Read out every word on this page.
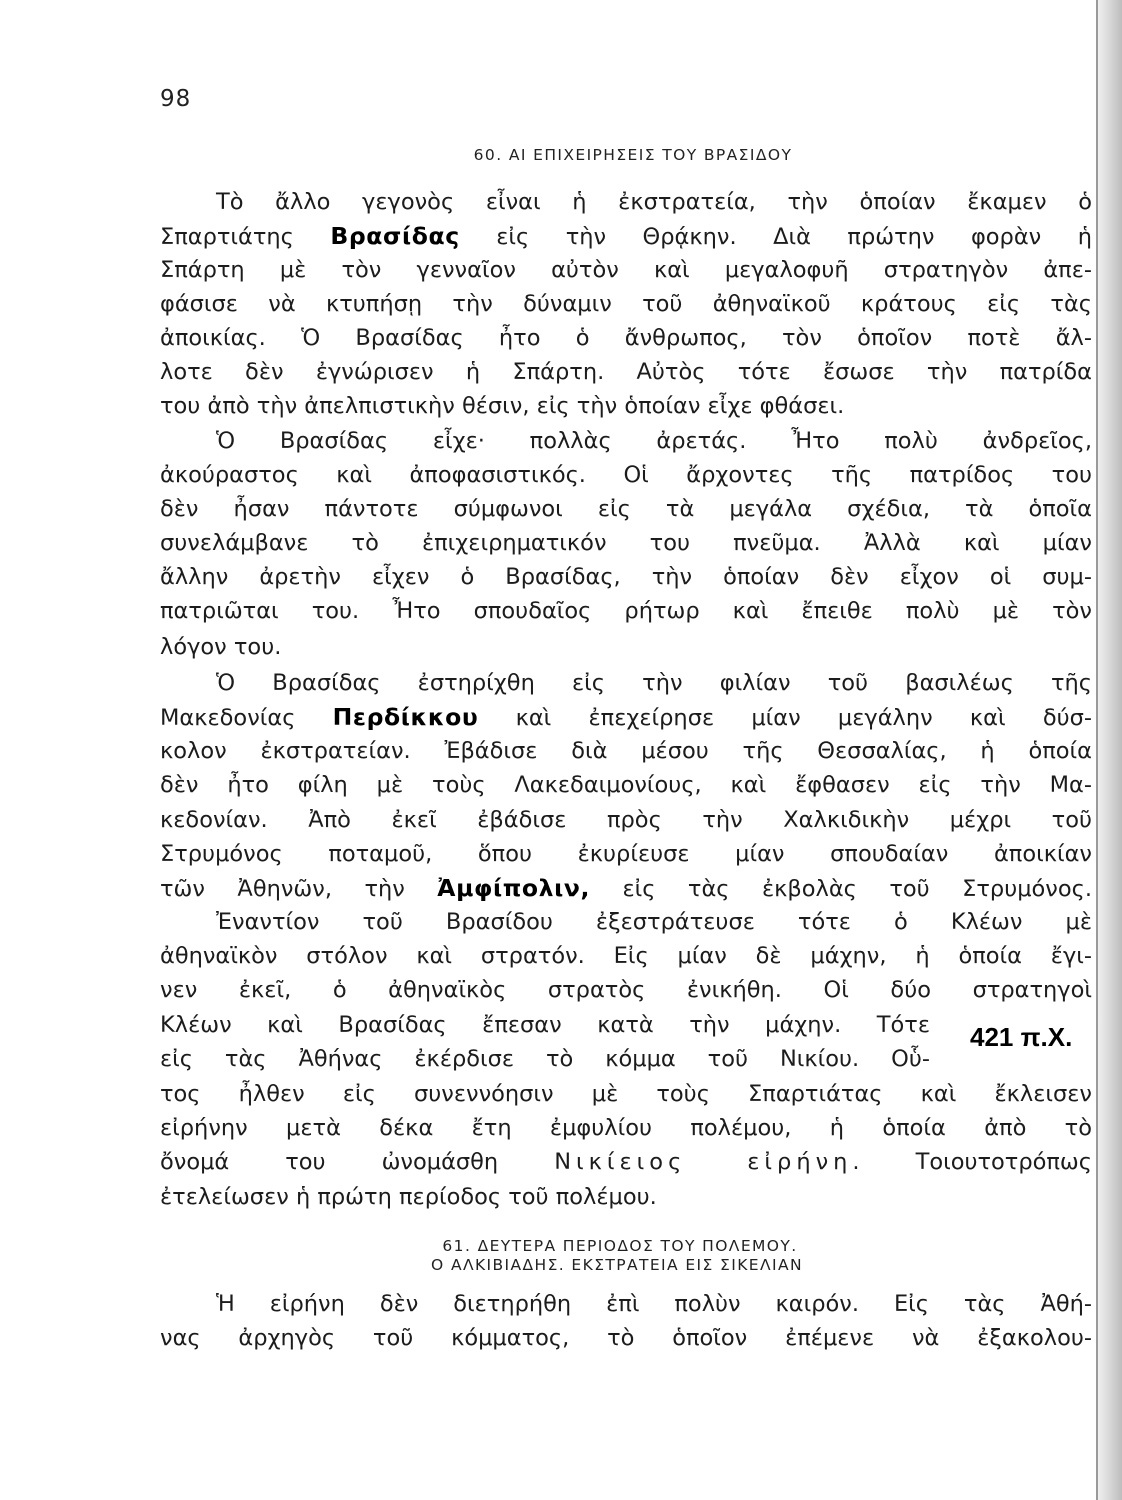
98
60. ΑΙ ΕΠΙΧΕΙΡΗΣΕΙΣ ΤΟΥ ΒΡΑΣΙΔΟΥ
Τὸ ἄλλο γεγονὸς εἶναι ἡ ἐκστρατεία, τὴν ὁποίαν ἔκαμεν ὁ
Σπαρτιάτης Βρασίδας εἰς τὴν Θρᾴκην. Διὰ πρώτην φορὰν ἡ
Σπάρτη μὲ τὸν γενναῖον αὐτὸν καὶ μεγαλοφυῆ στρατηγὸν ἀπε-
φάσισε νὰ κτυπήσῃ τὴν δύναμιν τοῦ ἀθηναϊκοῦ κράτους εἰς τὰς
ἀποικίας. Ὁ Βρασίδας ἦτο ὁ ἄνθρωπος, τὸν ὁποῖον ποτὲ ἄλ-
λοτε δὲν ἐγνώρισεν ἡ Σπάρτη. Αὐτὸς τότε ἔσωσε τὴν πατρίδα
του ἀπὸ τὴν ἀπελπιστικὴν θέσιν, εἰς τὴν ὁποίαν εἶχε φθάσει.
Ὁ Βρασίδας εἶχε· πολλὰς ἀρετάς. Ἦτο πολὺ ἀνδρεῖος,
ἀκούραστος καὶ ἀποφασιστικός. Οἱ ἄρχοντες τῆς πατρίδος του
δὲν ἦσαν πάντοτε σύμφωνοι εἰς τὰ μεγάλα σχέδια, τὰ ὁποῖα
συνελάμβανε τὸ ἐπιχειρηματικόν του πνεῦμα. Ἀλλὰ καὶ μίαν
ἄλλην ἀρετὴν εἶχεν ὁ Βρασίδας, τὴν ὁποίαν δὲν εἶχον οἱ συμ-
πατριῶται του. Ἦτο σπουδαῖος ρήτωρ καὶ ἔπειθε πολὺ μὲ τὸν
λόγον του.
Ὁ Βρασίδας ἐστηρίχθη εἰς τὴν φιλίαν τοῦ βασιλέως τῆς
Μακεδονίας Περδίκκου καὶ ἐπεχείρησε μίαν μεγάλην καὶ δύσ-
κολον ἐκστρατείαν. Ἐβάδισε διὰ μέσου τῆς Θεσσαλίας, ἡ ὁποία
δὲν ἦτο φίλη μὲ τοὺς Λακεδαιμονίους, καὶ ἔφθασεν εἰς τὴν Μα-
κεδονίαν. Ἀπὸ ἐκεῖ ἐβάδισε πρὸς τὴν Χαλκιδικὴν μέχρι τοῦ
Στρυμόνος ποταμοῦ, ὅπου ἐκυρίευσε μίαν σπουδαίαν ἀποικίαν
τῶν Ἀθηνῶν, τὴν Ἀμφίπολιν, εἰς τὰς ἐκβολὰς τοῦ Στρυμόνος.
Ἐναντίον τοῦ Βρασίδου ἐξεστράτευσε τότε ὁ Κλέων μὲ
ἀθηναϊκὸν στόλον καὶ στρατόν. Εἰς μίαν δὲ μάχην, ἡ ὁποία ἔγι-
νεν ἐκεῖ, ὁ ἀθηναϊκὸς στρατὸς ἐνικήθη. Οἱ δύο στρατηγοὶ
Κλέων καὶ Βρασίδας ἔπεσαν κατὰ τὴν μάχην. Τότε
εἰς τὰς Ἀθήνας ἐκέρδισε τὸ κόμμα τοῦ Νικίου. Οὗ-
τος ἦλθεν εἰς συνεννόησιν μὲ τοὺς Σπαρτιάτας καὶ ἔκλεισεν
εἰρήνην μετὰ δέκα ἔτη ἐμφυλίου πολέμου, ἡ ὁποία ἀπὸ τὸ
ὄνομά του ὠνομάσθη Νικίειος εἰρήνη. Τοιουτοτρόπως
ἐτελείωσεν ἡ πρώτη περίοδος τοῦ πολέμου.
421 π.Χ.
61. ΔΕΥΤΕΡΑ ΠΕΡΙΟΔΟΣ ΤΟΥ ΠΟΛΕΜΟΥ.
Ο ΑΛΚΙΒΙΑΔΗΣ. ΕΚΣΤΡΑΤΕΙΑ ΕΙΣ ΣΙΚΕΛΙΑΝ
Ἡ εἰρήνη δὲν διετηρήθη ἐπὶ πολὺν καιρόν. Εἰς τὰς Ἀθή-
νας ἀρχηγὸς τοῦ κόμματος, τὸ ὁποῖον ἐπέμενε νὰ ἐξακολου-
